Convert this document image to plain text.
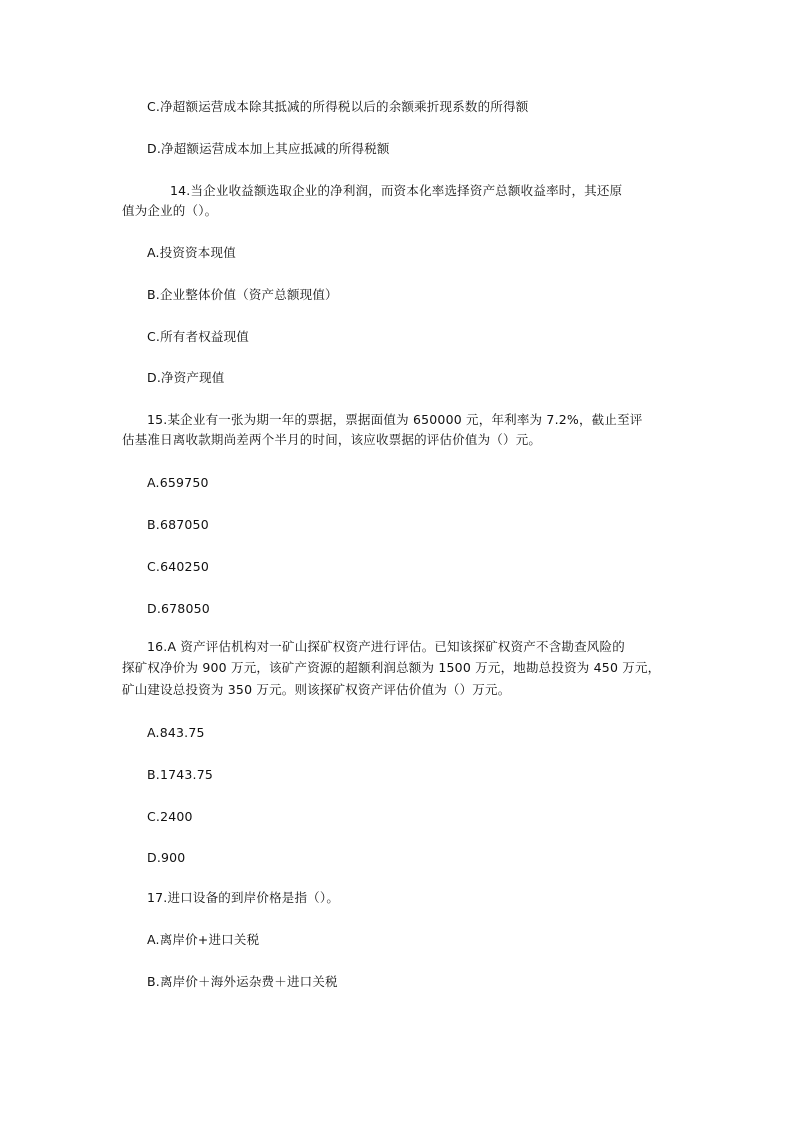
C.净超额运营成本除其抵减的所得税以后的余额乘折现系数的所得额
D.净超额运营成本加上其应抵减的所得税额
14.当企业收益额选取企业的净利润，而资本化率选择资产总额收益率时，其还原
值为企业的（）。
A.投资资本现值
B.企业整体价值（资产总额现值）
C.所有者权益现值
D.净资产现值
15.某企业有一张为期一年的票据，票据面值为 650000 元，年利率为 7.2%，截止至评
估基准日离收款期尚差两个半月的时间，该应收票据的评估价值为（）元。
A.659750
B.687050
C.640250
D.678050
16.A 资产评估机构对一矿山探矿权资产进行评估。已知该探矿权资产不含勘查风险的
探矿权净价为 900 万元，该矿产资源的超额利润总额为 1500 万元，地勘总投资为 450 万元，
矿山建设总投资为 350 万元。则该探矿权资产评估价值为（）万元。
A.843.75
B.1743.75
C.2400
D.900
17.进口设备的到岸价格是指（）。
A.离岸价+进口关税
B.离岸价＋海外运杂费＋进口关税
